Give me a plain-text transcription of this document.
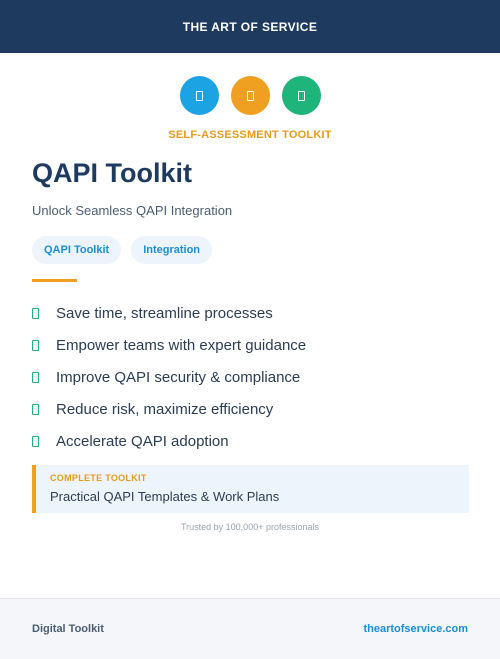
THE ART OF SERVICE
SELF-ASSESSMENT TOOLKIT
QAPI Toolkit
Unlock Seamless QAPI Integration
QAPI Toolkit	Integration
Save time, streamline processes
Empower teams with expert guidance
Improve QAPI security & compliance
Reduce risk, maximize efficiency
Accelerate QAPI adoption
COMPLETE TOOLKIT
Practical QAPI Templates & Work Plans
Trusted by 100,000+ professionals
Digital Toolkit	theartofservice.com
